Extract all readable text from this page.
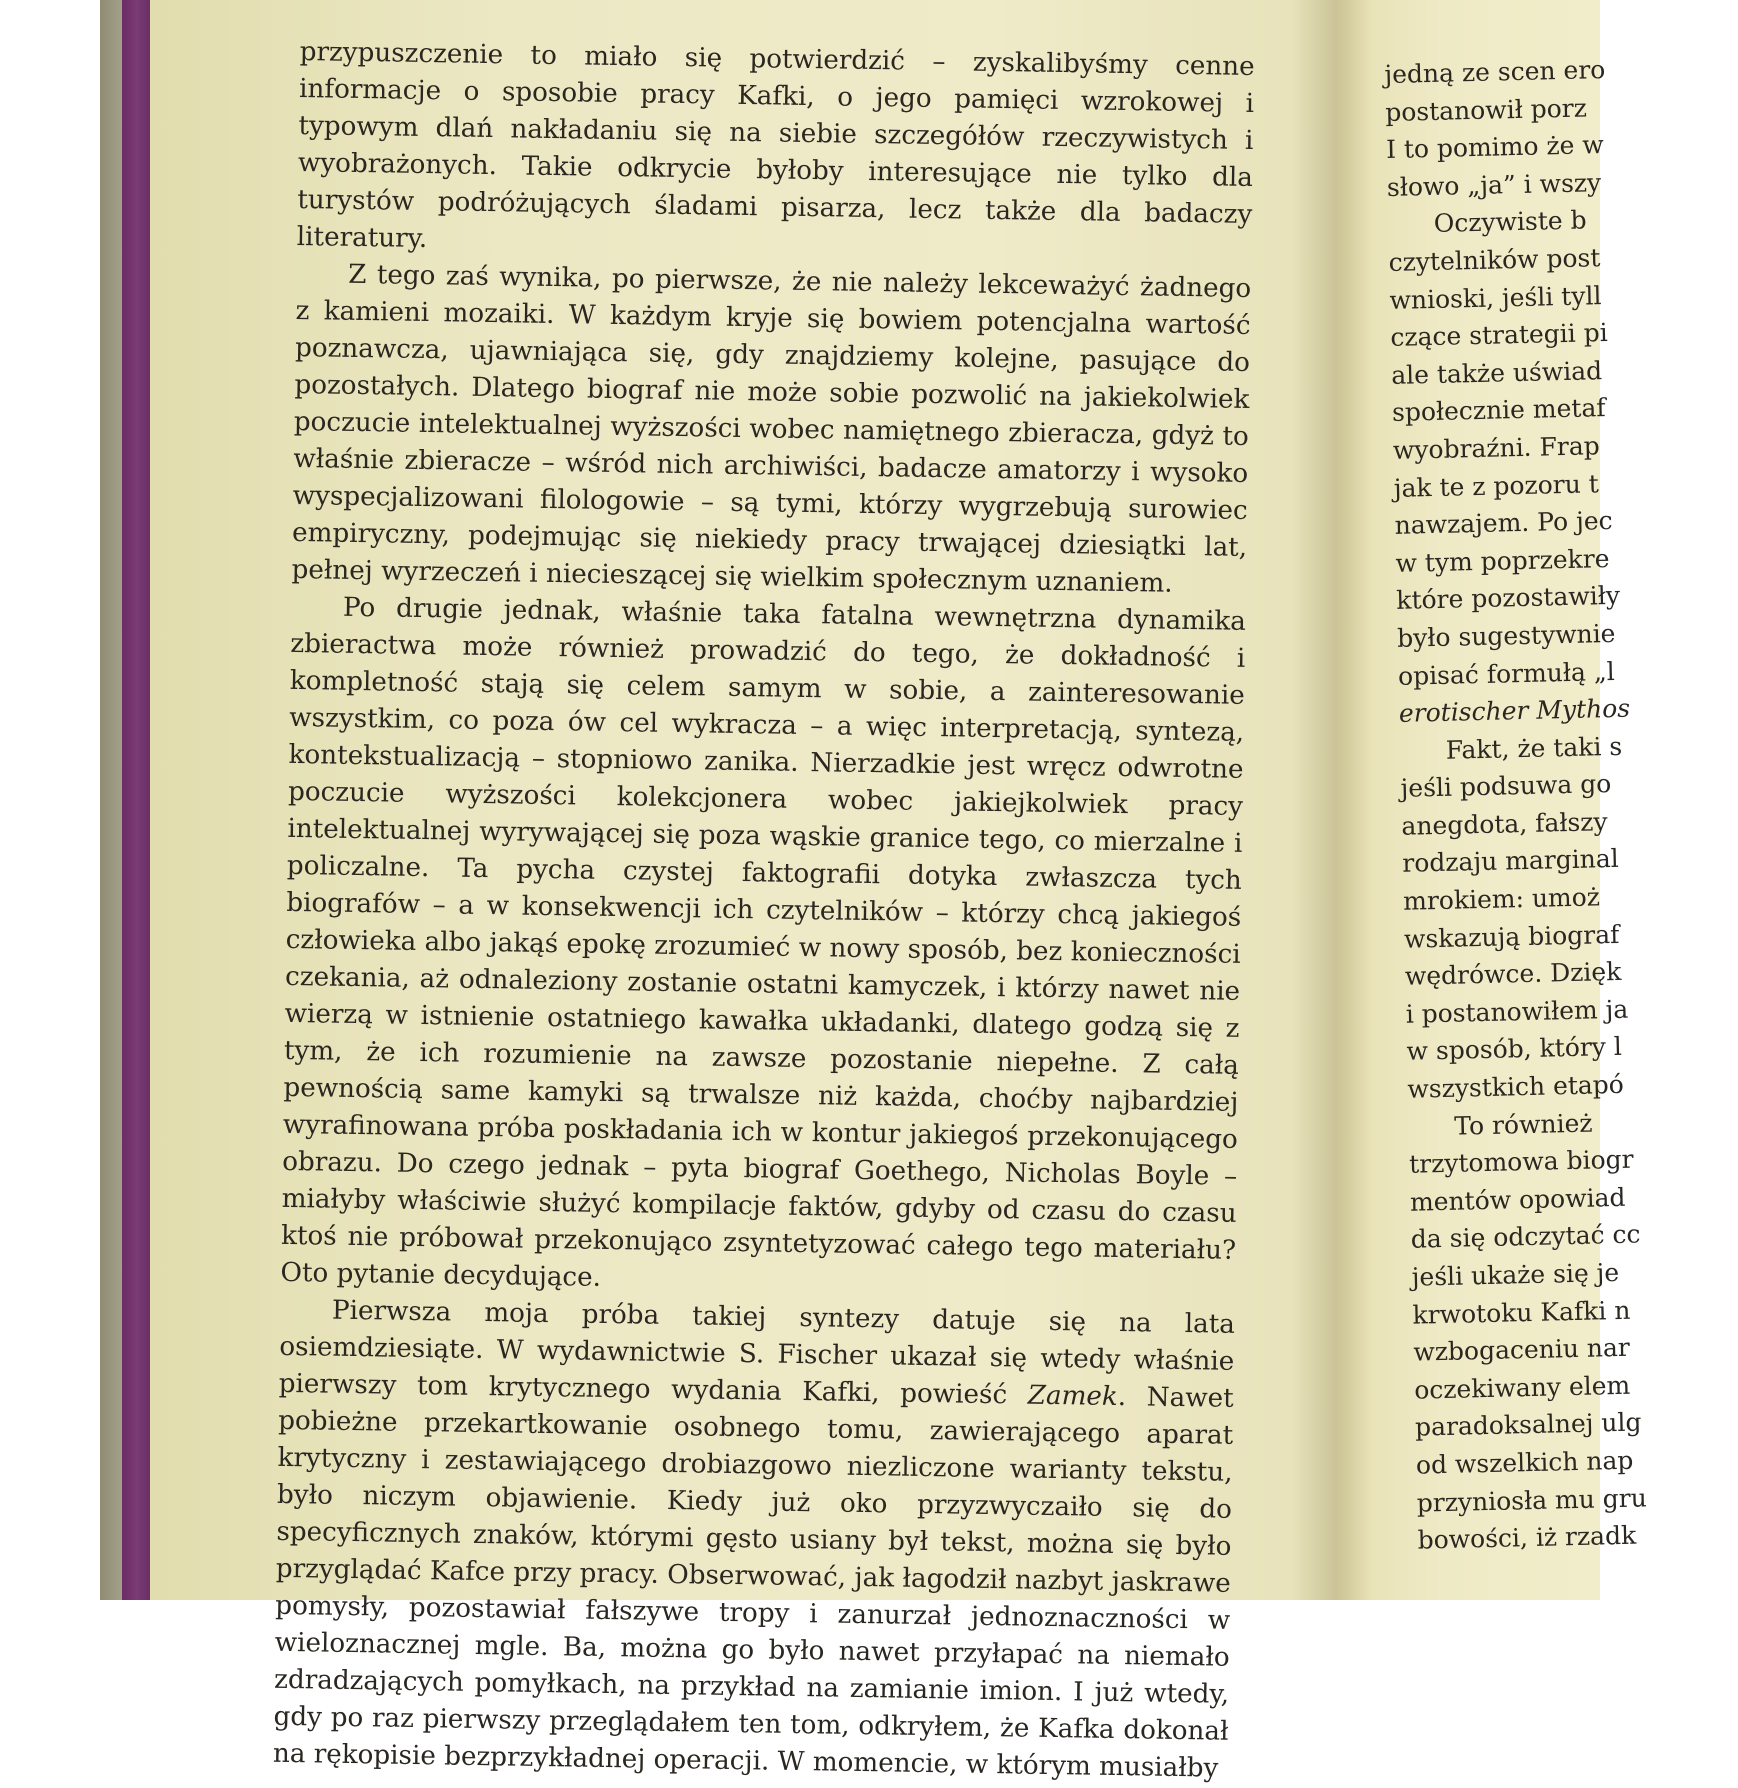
przypuszczenie to miało się potwierdzić – zyskalibyśmy cenne informacje o sposobie pracy Kafki, o jego pamięci wzrokowej i typowym dlań nakładaniu się na siebie szczegółów rzeczywistych i wyobrażonych. Takie odkrycie byłoby interesujące nie tylko dla turystów podróżujących śladami pisarza, lecz także dla badaczy literatury.

Z tego zaś wynika, po pierwsze, że nie należy lekceważyć żadnego z kamieni mozaiki. W każdym kryje się bowiem potencjalna wartość poznawcza, ujawniająca się, gdy znajdziemy kolejne, pasujące do pozostałych. Dlatego biograf nie może sobie pozwolić na jakiekolwiek poczucie intelektualnej wyższości wobec namiętnego zbieracza, gdyż to właśnie zbieracze – wśród nich archiwiści, badacze amatorzy i wysoko wyspecjalizowani filologowie – są tymi, którzy wygrzebują surowiec empiryczny, podejmując się niekiedy pracy trwającej dziesiątki lat, pełnej wyrzeczeń i niecieszącej się wielkim społecznym uznaniem.

Po drugie jednak, właśnie taka fatalna wewnętrzna dynamika zbieractwa może również prowadzić do tego, że dokładność i kompletność stają się celem samym w sobie, a zainteresowanie wszystkim, co poza ów cel wykracza – a więc interpretacją, syntezą, kontekstualizacją – stopniowo zanika. Nierzadkie jest wręcz odwrotne poczucie wyższości kolekcjonera wobec jakiejkolwiek pracy intelektualnej wyrywającej się poza wąskie granice tego, co mierzalne i policzalne. Ta pycha czystej faktografii dotyka zwłaszcza tych biografów – a w konsekwencji ich czytelników – którzy chcą jakiegoś człowieka albo jakąś epokę zrozumieć w nowy sposób, bez konieczności czekania, aż odnaleziony zostanie ostatni kamyczek, i którzy nawet nie wierzą w istnienie ostatniego kawałka układanki, dlatego godzą się z tym, że ich rozumienie na zawsze pozostanie niepełne. Z całą pewnością same kamyki są trwalsze niż każda, choćby najbardziej wyrafinowana próba poskładania ich w kontur jakiegoś przekonującego obrazu. Do czego jednak – pyta biograf Goethego, Nicholas Boyle – miałyby właściwie służyć kompilacje faktów, gdyby od czasu do czasu ktoś nie próbował przekonująco zsyntetyzować całego tego materiału? Oto pytanie decydujące.

Pierwsza moja próba takiej syntezy datuje się na lata osiemdziesiąte. W wydawnictwie S. Fischer ukazał się wtedy właśnie pierwszy tom krytycznego wydania Kafki, powieść Zamek. Nawet pobieżne przekartkowanie osobnego tomu, zawierającego aparat krytyczny i zestawiającego drobiazgowo niezliczone warianty tekstu, było niczym objawienie. Kiedy już oko przyzwyczaiło się do specyficznych znaków, którymi gęsto usiany był tekst, można się było przyglądać Kafce przy pracy. Obserwować, jak łagodził nazbyt jaskrawe pomysły, pozostawiał fałszywe tropy i zanurzał jednoznaczności w wieloznacznej mgle. Ba, można go było nawet przyłapać na niemało zdradzających pomyłkach, na przykład na zamianie imion. I już wtedy, gdy po raz pierwszy przeglądałem ten tom, odkryłem, że Kafka dokonał na rękopisie bezprzykładnej operacji. W momencie, w którym musiałby

jedną ze scen ero
postanowił porz
I to pomimo że w
słowo „ja” i wszy
Oczywiste b
czytelników post
wnioski, jeśli tyll
czące strategii pi
ale także uświad
społecznie metaf
wyobraźni. Frap
jak te z pozoru t
nawzajem. Po jec
w tym poprzekre
które pozostawiły
było sugestywnie
opisać formułą „l
erotischer Mythos
Fakt, że taki s
jeśli podsuwa go
anegdota, fałszy
rodzaju marginal
mrokiem: umoż
wskazują biograf
wędrówce. Dzięk
i postanowiłem ja
w sposób, który l
wszystkich etapó
To również
trzytomowa biogr
mentów opowiad
da się odczytać cc
jeśli ukaże się je
krwotoku Kafki n
wzbogaceniu nar
oczekiwany elem
paradoksalnej ulg
od wszelkich nap
przyniosła mu gru
bowości, iż rzadk
